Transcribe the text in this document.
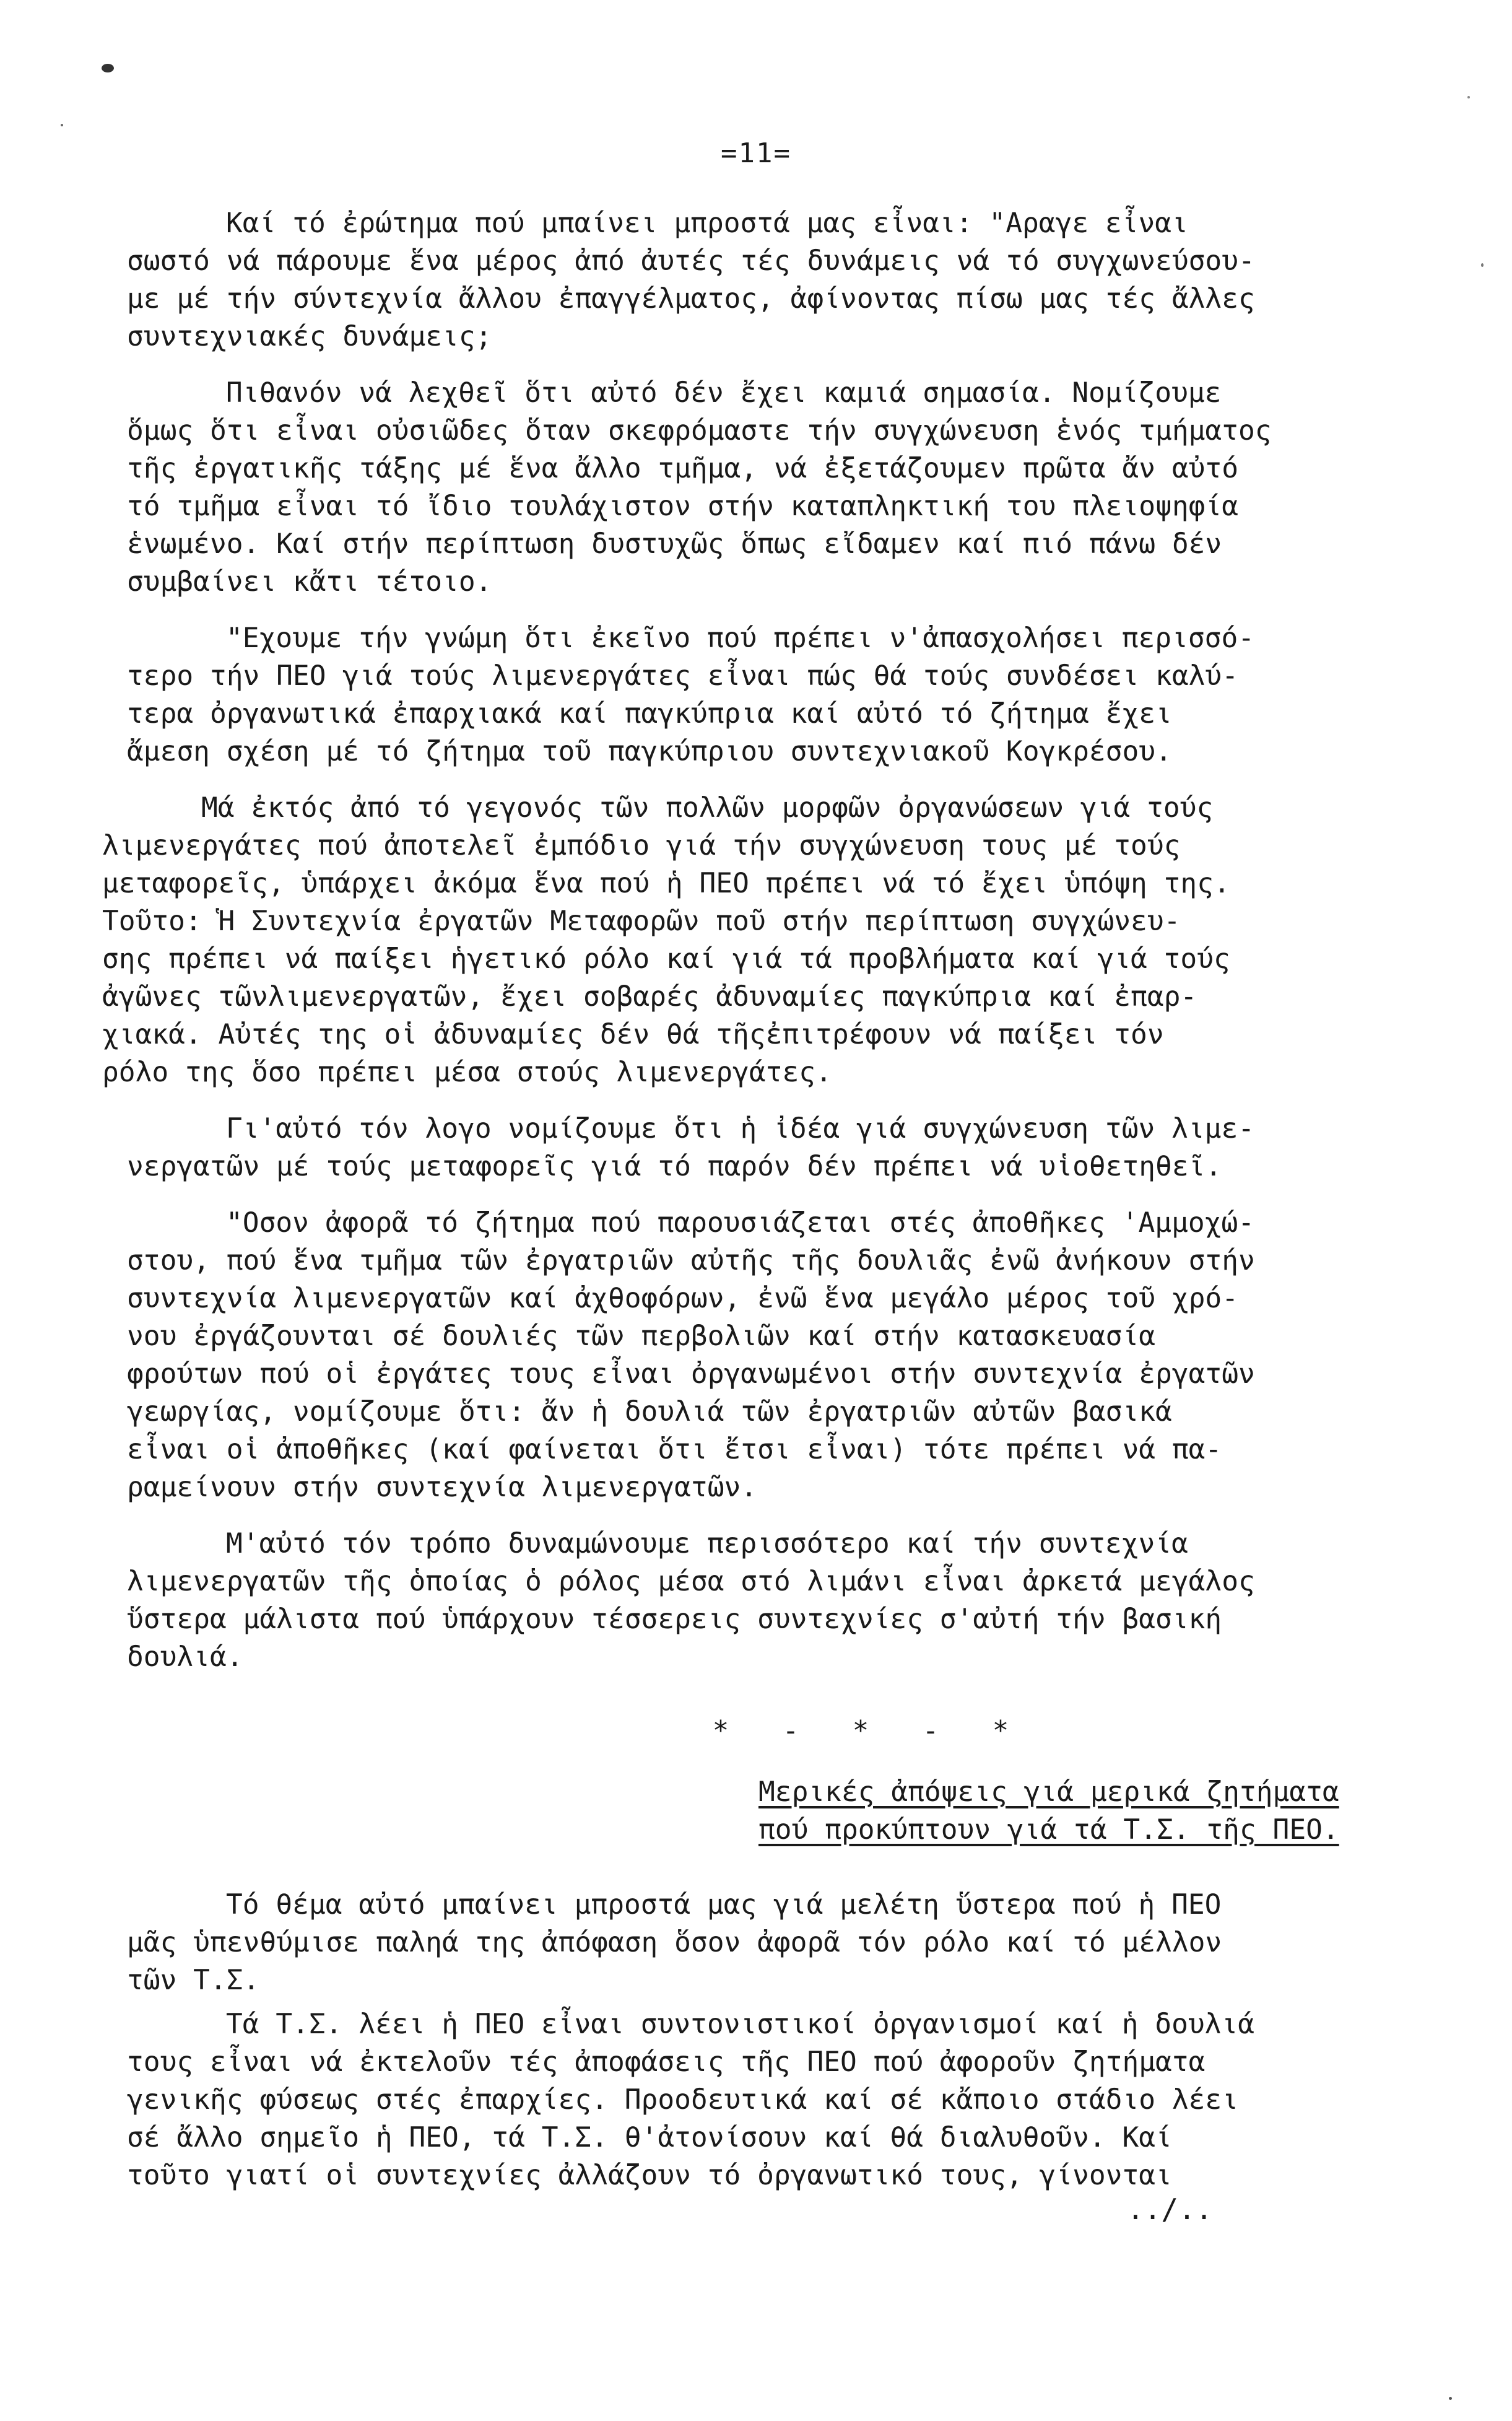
=11=

Καί τό ἐρώτημα πού μπαίνει μπροστά μας εἶναι: "Αραγε εἶναι
σωστό νά πάρουμε ἕνα μέρος ἀπό ἀυτές τές δυνάμεις νά τό συγχωνεύσου-
με μέ τήν σύντεχνία ἄλλου ἐπαγγέλματος, ἀφίνοντας πίσω μας τές ἄλλες
συντεχνιακές δυνάμεις;

Πιθανόν νά λεχθεῖ ὅτι αὐτό δέν ἔχει καμιά σημασία. Νομίζουμε
ὅμως ὅτι εἶναι οὐσιῶδες ὅταν σκεφρόμαστε τήν συγχώνευση ἑνός τμήματος
τῆς ἐργατικῆς τάξης μέ ἕνα ἄλλο τμῆμα, νά ἐξετάζουμεν πρῶτα ἄν αὐτό
τό τμῆμα εἶναι τό ἴδιο τουλάχιστον στήν καταπληκτική του πλειοψηφία
ἑνωμένο. Καί στήν περίπτωση δυστυχῶς ὅπως εἴδαμεν καί πιό πάνω δέν
συμβαίνει κἄτι τέτοιο.

"Εχουμε τήν γνώμη ὅτι ἐκεῖνο πού πρέπει ν'ἀπασχολήσει περισσό-
τερο τήν ΠΕΟ γιά τούς λιμενεργάτες εἶναι πώς θά τούς συνδέσει καλύ-
τερα ὀργανωτικά ἐπαρχιακά καί παγκύπρια καί αὐτό τό ζήτημα ἔχει
ἄμεση σχέση μέ τό ζήτημα τοῦ παγκύπριου συντεχνιακοῦ Κογκρέσου.

Μά ἐκτός ἀπό τό γεγονός τῶν πολλῶν μορφῶν ὀργανώσεων γιά τούς
λιμενεργάτες πού ἀποτελεῖ ἐμπόδιο γιά τήν συγχώνευση τους μέ τούς
μεταφορεῖς, ὑπάρχει ἀκόμα ἕνα πού ἡ ΠΕΟ πρέπει νά τό ἔχει ὑπόψη της.
Τοῦτο: Ἡ Συντεχνία ἐργατῶν Μεταφορῶν ποῦ στήν περίπτωση συγχώνευ-
σης πρέπει νά παίξει ἡγετικό ρόλο καί γιά τά προβλήματα καί γιά τούς
ἀγῶνες τῶνλιμενεργατῶν, ἔχει σοβαρές ἀδυναμίες παγκύπρια καί ἐπαρ-
χιακά. Αὐτές της οἱ ἀδυναμίες δέν θά τῆςἐπιτρέφουν νά παίξει τόν
ρόλο της ὅσο πρέπει μέσα στούς λιμενεργάτες.

Γι'αὐτό τόν λογο νομίζουμε ὅτι ἡ ἰδέα γιά συγχώνευση τῶν λιμε-
νεργατῶν μέ τούς μεταφορεῖς γιά τό παρόν δέν πρέπει νά υἱοθετηθεῖ.

"Οσον ἀφορᾶ τό ζήτημα πού παρουσιάζεται στές ἀποθῆκες 'Αμμοχώ-
στου, πού ἕνα τμῆμα τῶν ἐργατριῶν αὐτῆς τῆς δουλιᾶς ἐνῶ ἀνήκουν στήν
συντεχνία λιμενεργατῶν καί ἀχθοφόρων, ἐνῶ ἕνα μεγάλο μέρος τοῦ χρό-
νου ἐργάζουνται σέ δουλιές τῶν περβολιῶν καί στήν κατασκευασία
φρούτων πού οἱ ἐργάτες τους εἶναι ὀργανωμένοι στήν συντεχνία ἐργατῶν
γεωργίας, νομίζουμε ὅτι: ἄν ἡ δουλιά τῶν ἐργατριῶν αὐτῶν βασικά
εἶναι οἱ ἀποθῆκες (καί φαίνεται ὅτι ἔτσι εἶναι) τότε πρέπει νά πα-
ραμείνουν στήν συντεχνία λιμενεργατῶν.

Μ'αὐτό τόν τρόπο δυναμώνουμε περισσότερο καί τήν συντεχνία
λιμενεργατῶν τῆς ὁποίας ὁ ρόλος μέσα στό λιμάνι εἶναι ἀρκετά μεγάλος
ὕστερα μάλιστα πού ὑπάρχουν τέσσερεις συντεχνίες σ'αὐτή τήν βασική
δουλιά.

* - * - *
Μερικές ἀπόψεις γιά μερικά ζητήματα
πού προκύπτουν γιά τά Τ.Σ. τῆς ΠΕΟ.

Τό θέμα αὐτό μπαίνει μπροστά μας γιά μελέτη ὕστερα πού ἡ ΠΕΟ
μᾶς ὑπενθύμισε παληά της ἀπόφαση ὅσον ἀφορᾶ τόν ρόλο καί τό μέλλον
τῶν Τ.Σ.

Τά Τ.Σ. λέει ἡ ΠΕΟ εἶναι συντονιστικοί ὀργανισμοί καί ἡ δουλιά
τους εἶναι νά ἐκτελοῦν τές ἀποφάσεις τῆς ΠΕΟ πού ἀφοροῦν ζητήματα
γενικῆς φύσεως στές ἐπαρχίες. Προοδευτικά καί σέ κἄποιο στάδιο λέει
σέ ἄλλο σημεῖο ἡ ΠΕΟ, τά Τ.Σ. θ'ἀτονίσουν καί θά διαλυθοῦν. Καί
τοῦτο γιατί οἱ συντεχνίες ἀλλάζουν τό ὀργανωτικό τους, γίνονται

../..
